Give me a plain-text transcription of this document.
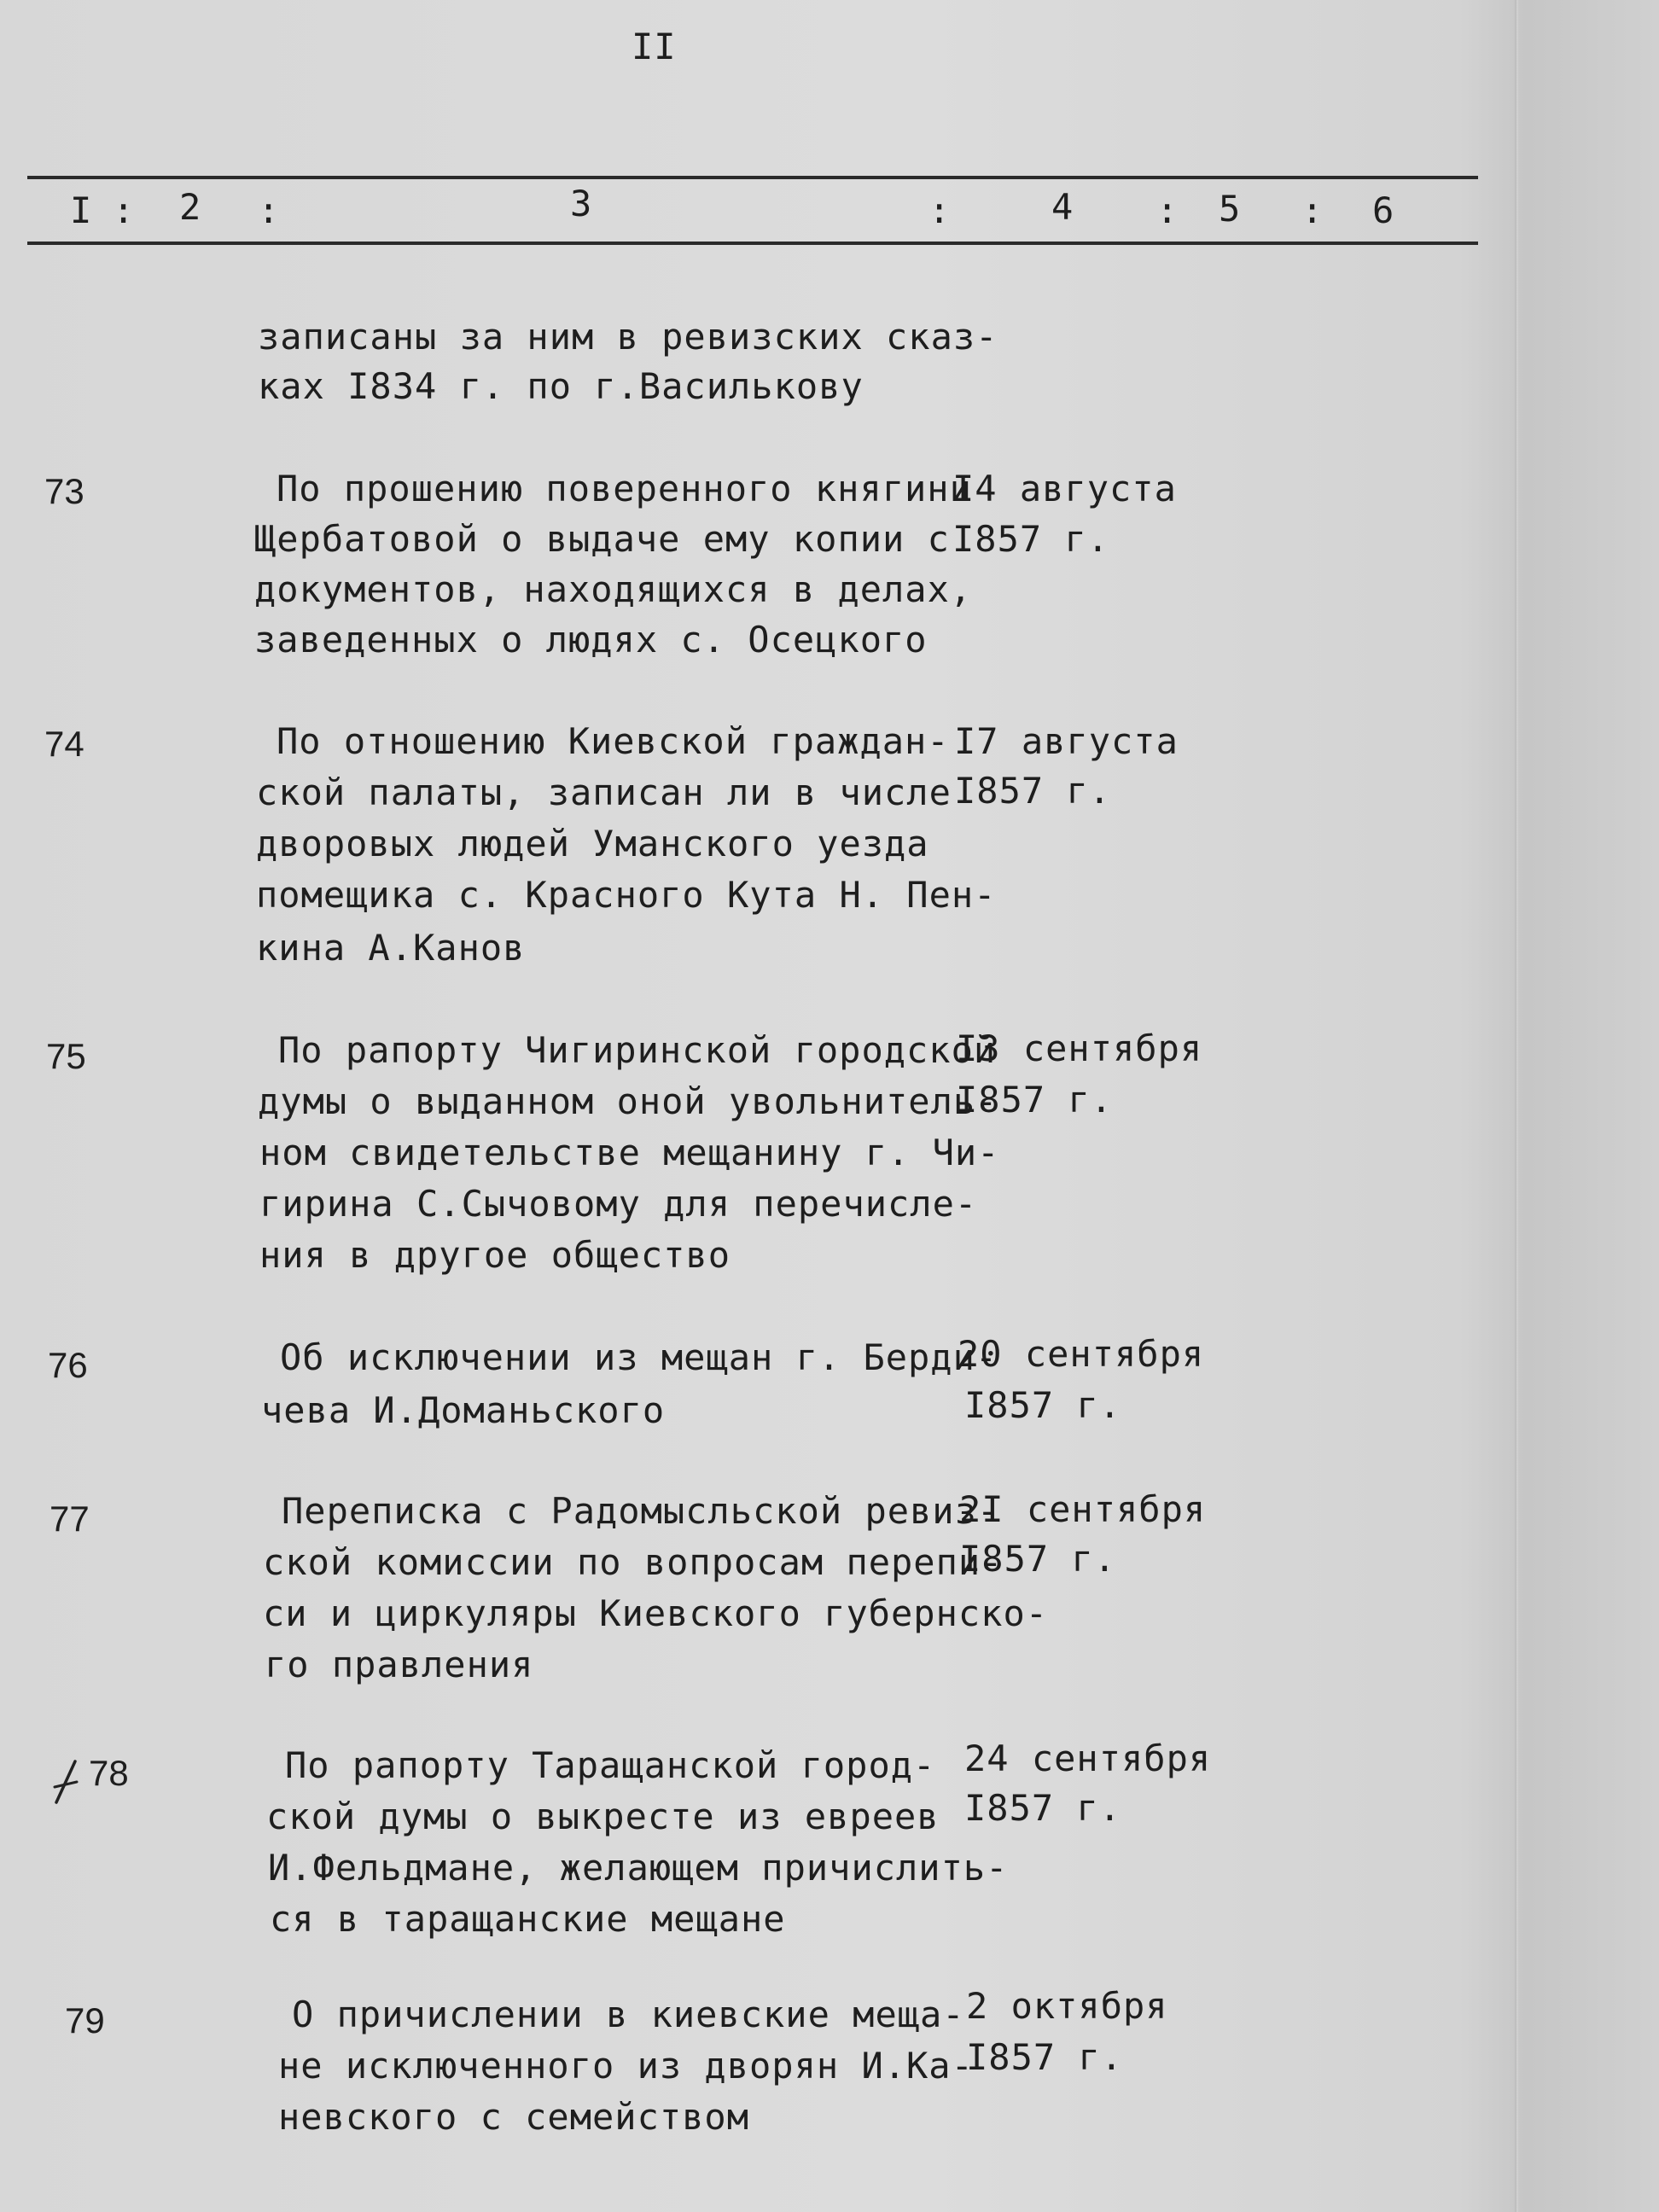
II
I : 2 :	3	:	4 : 5 : 6
записаны за ним в ревизских сказ-
ках I834 г. по г.Василькову
73	По прошению поверенного княгини
Щербатовой о выдаче ему копии с
документов, находящихся в делах,
заведенных о людях с. Осецкого
I4 августа
I857 г.
74	По отношению Киевской граждан-
ской палаты, записан ли в числе
дворовых людей Уманского уезда
помещика с. Красного Кута Н. Пен-
кина А.Канов
I7 августа
I857 г.
75	По рапорту Чигиринской городской
думы о выданном оной увольнитель-
ном свидетельстве мещанину г. Чи-
гирина С.Сычовому для перечисле-
ния в другое общество
I3 сентября
I857 г.
76	Об исключении из мещан г. Берди-
чева И.Доманьского
20 сентября
I857 г.
77	Переписка с Радомысльской ревиз-
ской комиссии по вопросам перепи-
си и циркуляры Киевского губернско-
го правления
2I сентября
I857 г.
78	По рапорту Таращанской город-
ской думы о выкресте из евреев
И.Фельдмане, желающем причислить-
ся в таращанские мещане
24 сентября
I857 г.
79	О причислении в киевские меща-
не исключенного из дворян И.Ка-
невского с семейством
2 октября
I857 г.
